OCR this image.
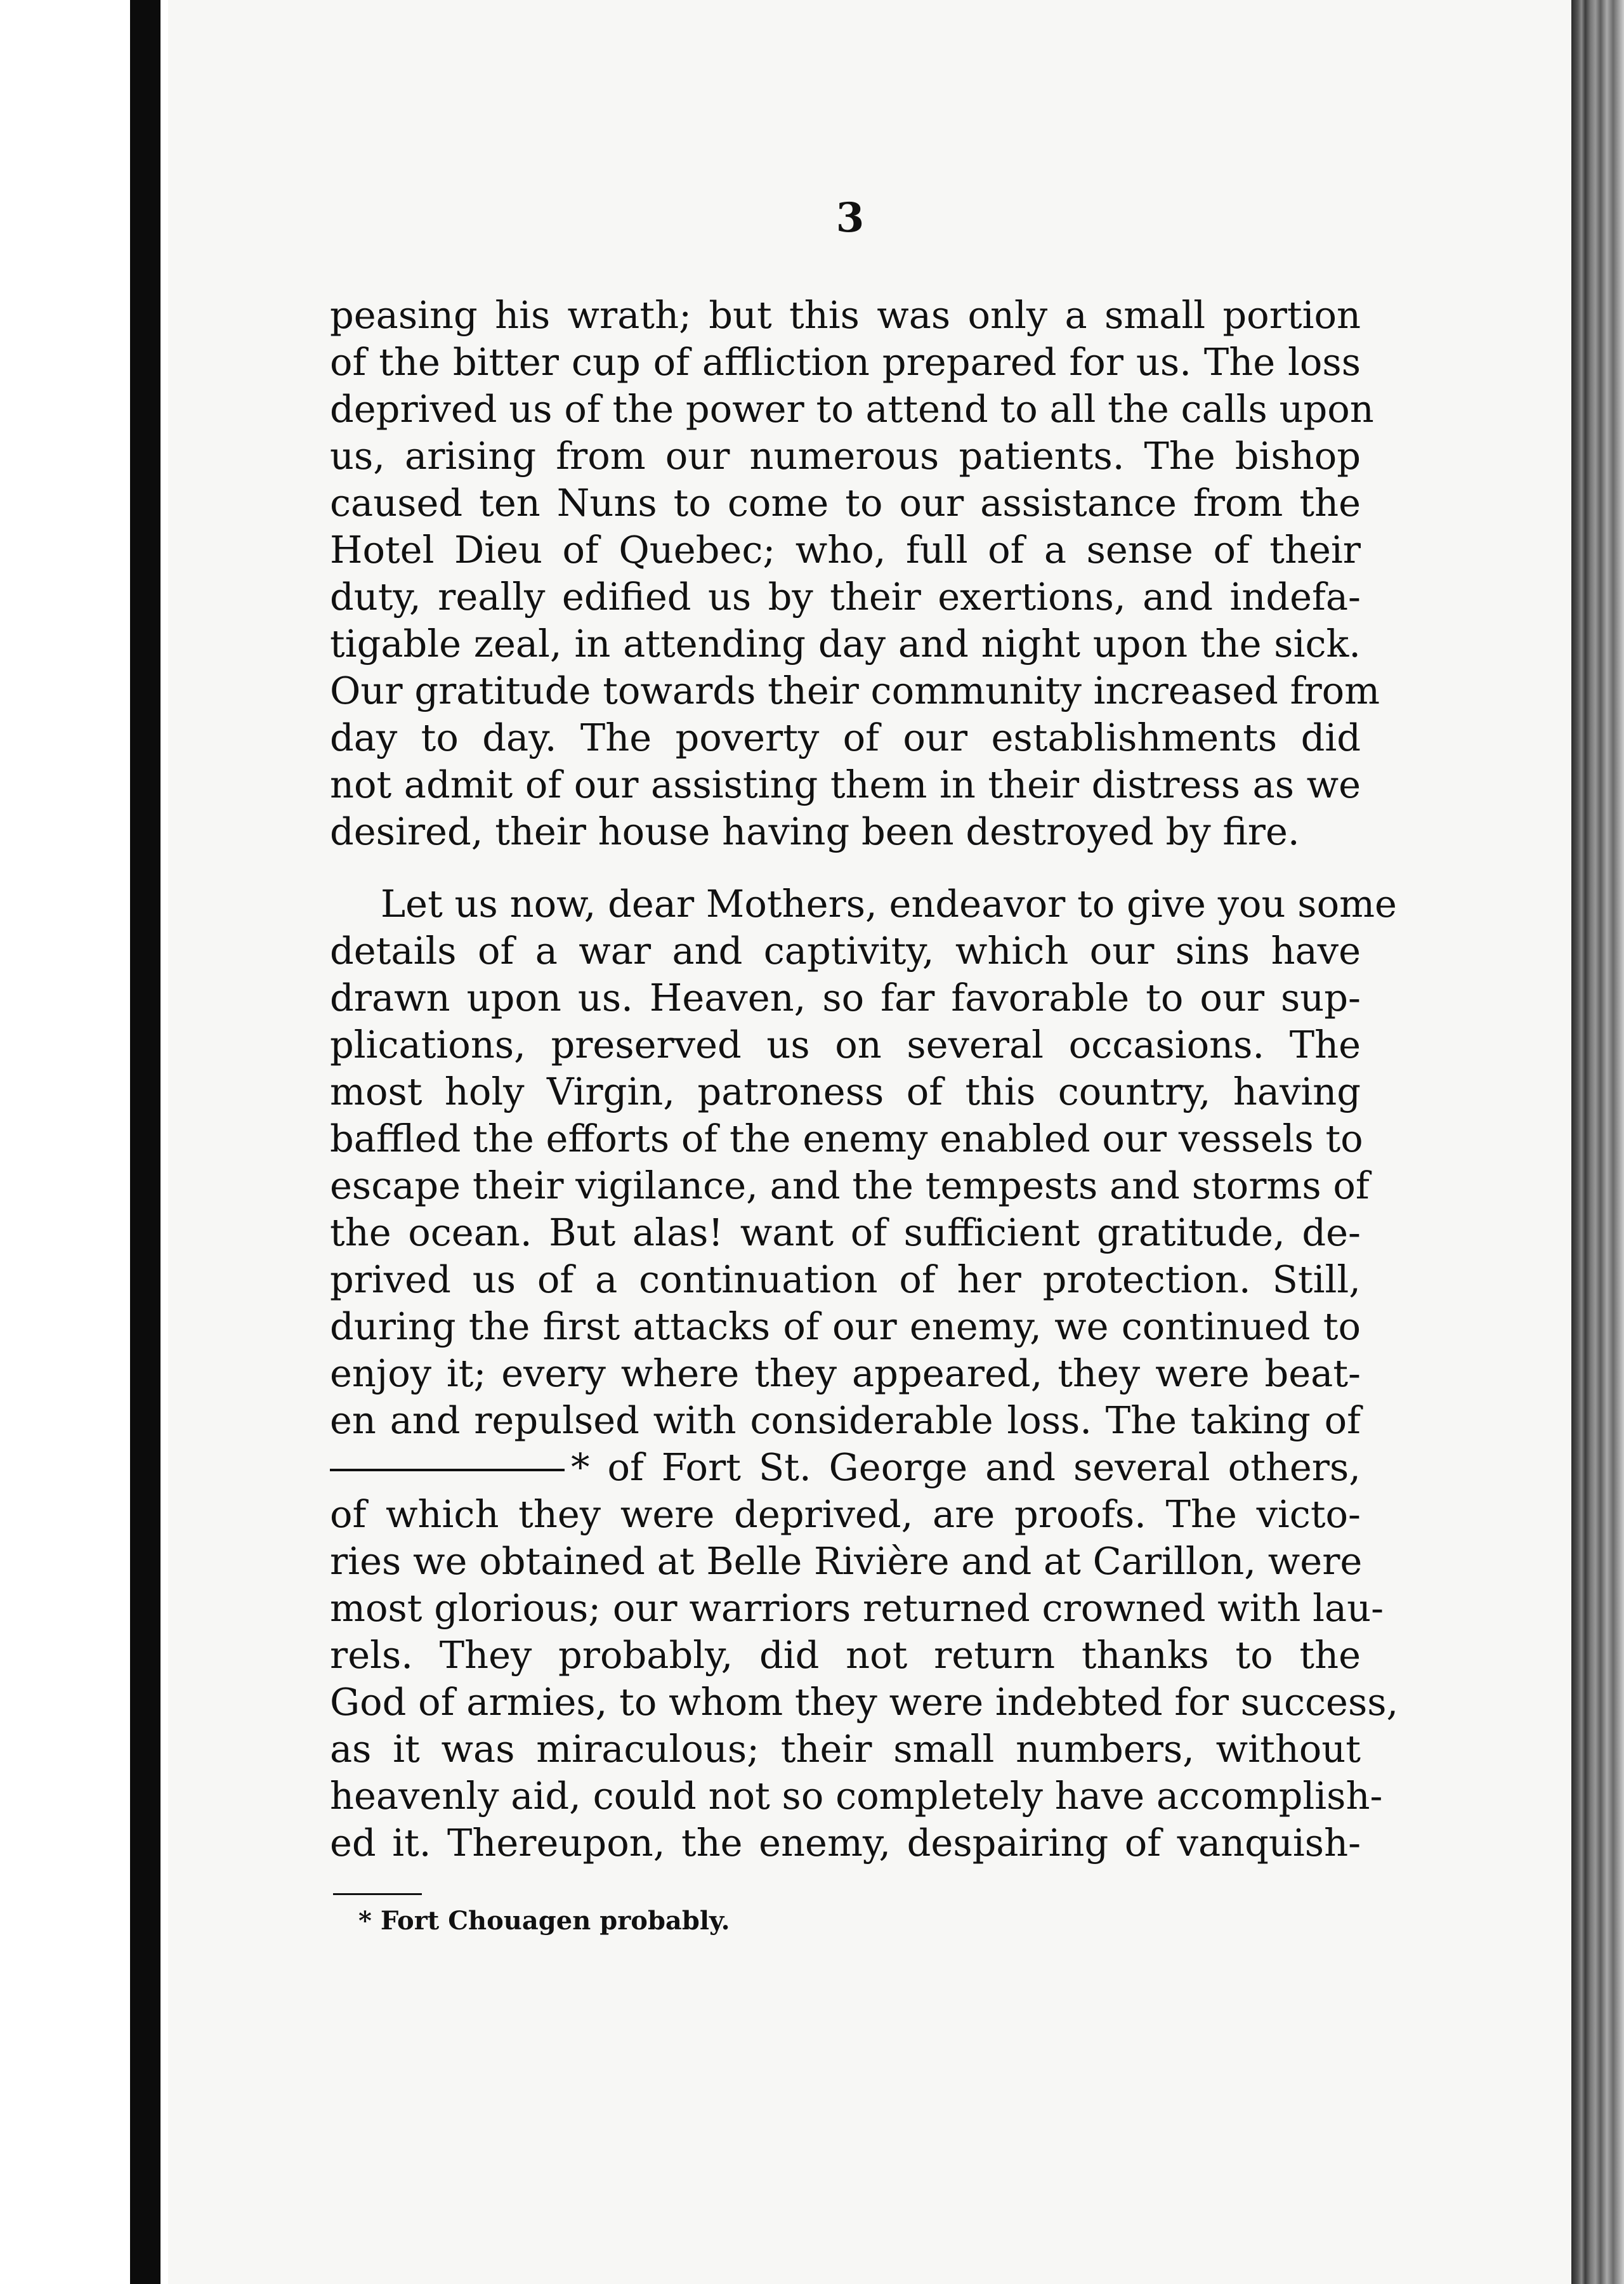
3
peasing his wrath; but this was only a small portion
of the bitter cup of affliction prepared for us. The loss
deprived us of the power to attend to all the calls upon
us, arising from our numerous patients. The bishop
caused ten Nuns to come to our assistance from the
Hotel Dieu of Quebec; who, full of a sense of their
duty, really edified us by their exertions, and indefa-
tigable zeal, in attending day and night upon the sick.
Our gratitude towards their community increased from
day to day. The poverty of our establishments did
not admit of our assisting them in their distress as we
desired, their house having been destroyed by fire.
Let us now, dear Mothers, endeavor to give you some
details of a war and captivity, which our sins have
drawn upon us. Heaven, so far favorable to our sup-
plications, preserved us on several occasions. The
most holy Virgin, patroness of this country, having
baffled the efforts of the enemy enabled our vessels to
escape their vigilance, and the tempests and storms of
the ocean. But alas! want of sufficient gratitude, de-
prived us of a continuation of her protection. Still,
during the first attacks of our enemy, we continued to
enjoy it; every where they appeared, they were beat-
en and repulsed with considerable loss. The taking of
* of Fort St. George and several others,
of which they were deprived, are proofs. The victo-
ries we obtained at Belle Rivière and at Carillon, were
most glorious; our warriors returned crowned with lau-
rels. They probably, did not return thanks to the
God of armies, to whom they were indebted for success,
as it was miraculous; their small numbers, without
heavenly aid, could not so completely have accomplish-
ed it. Thereupon, the enemy, despairing of vanquish-
* Fort Chouagen probably.
